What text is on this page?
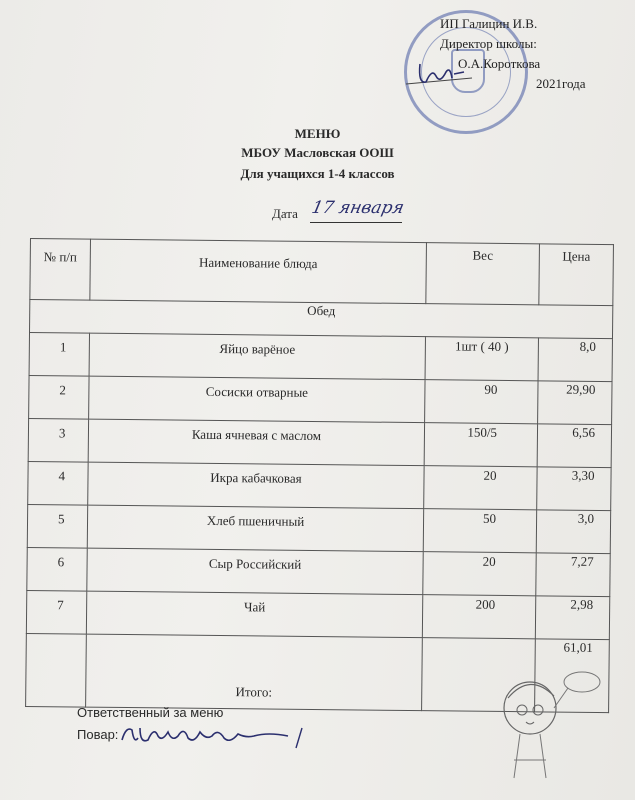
ИП Галицин И.В.
Директор школы:
О.А.Короткова
2021года
МЕНЮ
МБОУ Масловская ООШ
Для учащихся 1-4 классов
Дата 17 января
№ п/п	Наименование блюда	Вес	Цена
Обед			
1	Яйцо варёное	1шт ( 40 )	8,0
2	Сосиски отварные	90	29,90
3	Каша ячневая с маслом	150/5	6,56
4	Икра кабачковая	20	3,30
5	Хлеб пшеничный	50	3,0
6	Сыр Российский	20	7,27
7	Чай	200	2,98
	Итого:		61,01
Ответственный за меню
Повар:
